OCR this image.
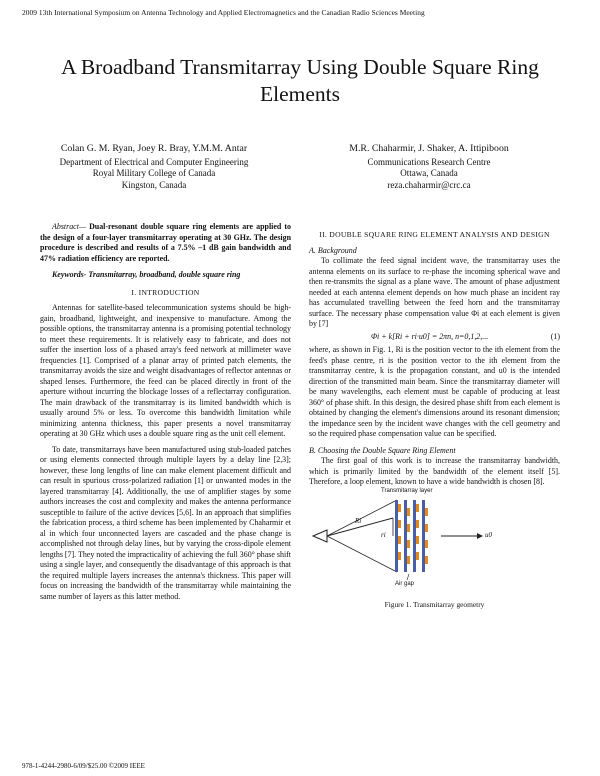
2009 13th International Symposium on Antenna Technology and Applied Electromagnetics and the Canadian Radio Sciences Meeting
A Broadband Transmitarray Using Double Square Ring Elements
Colan G. M. Ryan, Joey R. Bray, Y.M.M. Antar
Department of Electrical and Computer Engineering
Royal Military College of Canada
Kingston, Canada
M.R. Chaharmir, J. Shaker, A. Ittipiboon
Communications Research Centre
Ottawa, Canada
reza.chaharmir@crc.ca

Abstract— Dual-resonant double square ring elements are applied to the design of a four-layer transmitarray operating at 30 GHz. The design procedure is described and results of a 7.5% –1 dB gain bandwidth and 47% radiation efficiency are reported.

Keywords- Transmitarray, broadband, double square ring

I. INTRODUCTION

Antennas for satellite-based telecommunication systems should be high-gain, broadband, lightweight, and inexpensive to manufacture. Among the possible options, the transmitarray antenna is a promising potential technology to meet these requirements. It is relatively easy to fabricate, and does not suffer the insertion loss of a phased array's feed network at millimeter wave frequencies [1]. Comprised of a planar array of printed patch elements, the transmitarray avoids the size and weight disadvantages of reflector antennas or shaped lenses. Furthermore, the feed can be placed directly in front of the aperture without incurring the blockage losses of a reflectarray configuration. The main drawback of the transmitarray is its limited bandwidth which is usually around 5% or less. To overcome this bandwidth limitation while minimizing antenna thickness, this paper presents a novel transmitarray operating at 30 GHz which uses a double square ring as the unit cell element.

To date, transmitarrays have been manufactured using stub-loaded patches or using elements connected through multiple layers by a delay line [2,3]; however, these long lengths of line can make element placement difficult and can result in spurious cross-polarized radiation [1] or unwanted modes in the layered transmitarray [4]. Additionally, the use of amplifier stages by some authors increases the cost and complexity and makes the antenna performance susceptible to failure of the active devices [5,6]. In an approach that simplifies the fabrication process, a third scheme has been implemented by Chaharmir et al in which four unconnected layers are cascaded and the phase change is accomplished not through delay lines, but by varying the cross-dipole element lengths [7]. They noted the impracticality of achieving the full 360° phase shift using a single layer, and consequently the disadvantage of this approach is that the required multiple layers increases the antenna's thickness. This paper will focus on increasing the bandwidth of the transmitarray while maintaining the same number of layers as this latter method.

II. DOUBLE SQUARE RING ELEMENT ANALYSIS AND DESIGN

A. Background

To collimate the feed signal incident wave, the transmitarray uses the antenna elements on its surface to re-phase the incoming spherical wave and then re-transmits the signal as a plane wave. The amount of phase adjustment needed at each antenna element depends on how much phase an incident ray has accumulated travelling between the feed horn and the transmitarray surface. The necessary phase compensation value Φi at each element is given by [7]

Φi + k[Ri + ri·u0] = 2πn, n=0,1,2,...	(1)

where, as shown in Fig. 1, Ri is the position vector to the ith element from the feed's phase centre, ri is the position vector to the ith element from the transmitarray centre, k is the propagation constant, and u0 is the intended direction of the transmitted main beam. Since the transmitarray diameter will be many wavelengths, each element must be capable of producing at least 360° of phase shift. In this design, the desired phase shift from each element is obtained by changing the element's dimensions around its resonant dimension; the impedance seen by the incident wave changes with the cell geometry and so the required phase compensation value can be specified.

B. Choosing the Double Square Ring Element

The first goal of this work is to increase the transmitarray bandwidth, which is primarily limited by the bandwidth of the element itself [5]. Therefore, a loop element, known to have a wide bandwidth is chosen [8].

Transmitarray layer
Ri
ri	u0
Air gap
Figure 1. Transmitarray geometry
978-1-4244-2980-6/09/$25.00 ©2009 IEEE
